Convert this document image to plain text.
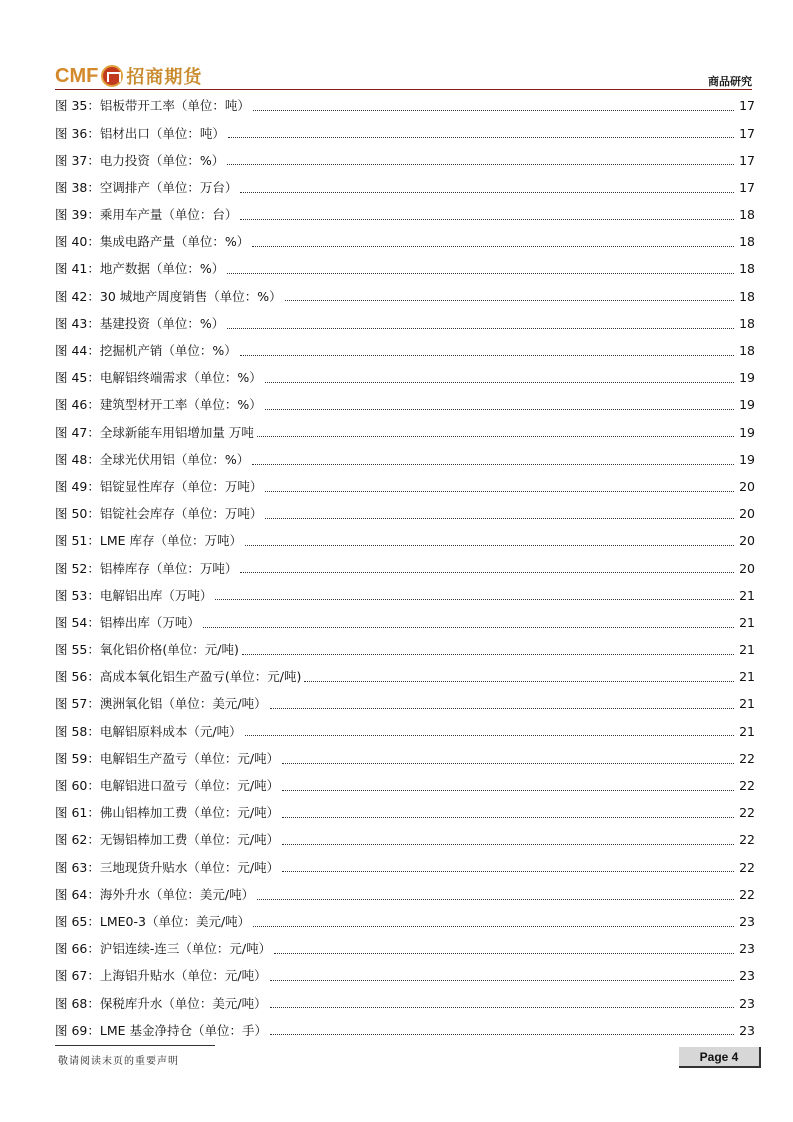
CMF 招商期货	商品研究
图 35：铝板带开工率（单位：吨）	17
图 36：铝材出口（单位：吨）	17
图 37：电力投资（单位：%）	17
图 38：空调排产（单位：万台）	17
图 39：乘用车产量（单位：台）	18
图 40：集成电路产量（单位：%）	18
图 41：地产数据（单位：%）	18
图 42：30 城地产周度销售（单位：%）	18
图 43：基建投资（单位：%）	18
图 44：挖掘机产销（单位：%）	18
图 45：电解铝终端需求（单位：%）	19
图 46：建筑型材开工率（单位：%）	19
图 47：全球新能车用铝增加量 万吨	19
图 48：全球光伏用铝（单位：%）	19
图 49：铝锭显性库存（单位：万吨）	20
图 50：铝锭社会库存（单位：万吨）	20
图 51：LME 库存（单位：万吨）	20
图 52：铝棒库存（单位：万吨）	20
图 53：电解铝出库（万吨）	21
图 54：铝棒出库（万吨）	21
图 55：氧化铝价格(单位：元/吨)	21
图 56：高成本氧化铝生产盈亏(单位：元/吨)	21
图 57：澳洲氧化铝（单位：美元/吨）	21
图 58：电解铝原料成本（元/吨）	21
图 59：电解铝生产盈亏（单位：元/吨）	22
图 60：电解铝进口盈亏（单位：元/吨）	22
图 61：佛山铝棒加工费（单位：元/吨）	22
图 62：无锡铝棒加工费（单位：元/吨）	22
图 63：三地现货升贴水（单位：元/吨）	22
图 64：海外升水（单位：美元/吨）	22
图 65：LME0-3（单位：美元/吨）	23
图 66：沪铝连续-连三（单位：元/吨）	23
图 67：上海铝升贴水（单位：元/吨）	23
图 68：保税库升水（单位：美元/吨）	23
图 69：LME 基金净持仓（单位：手）	23
敬请阅读末页的重要声明	Page 4
